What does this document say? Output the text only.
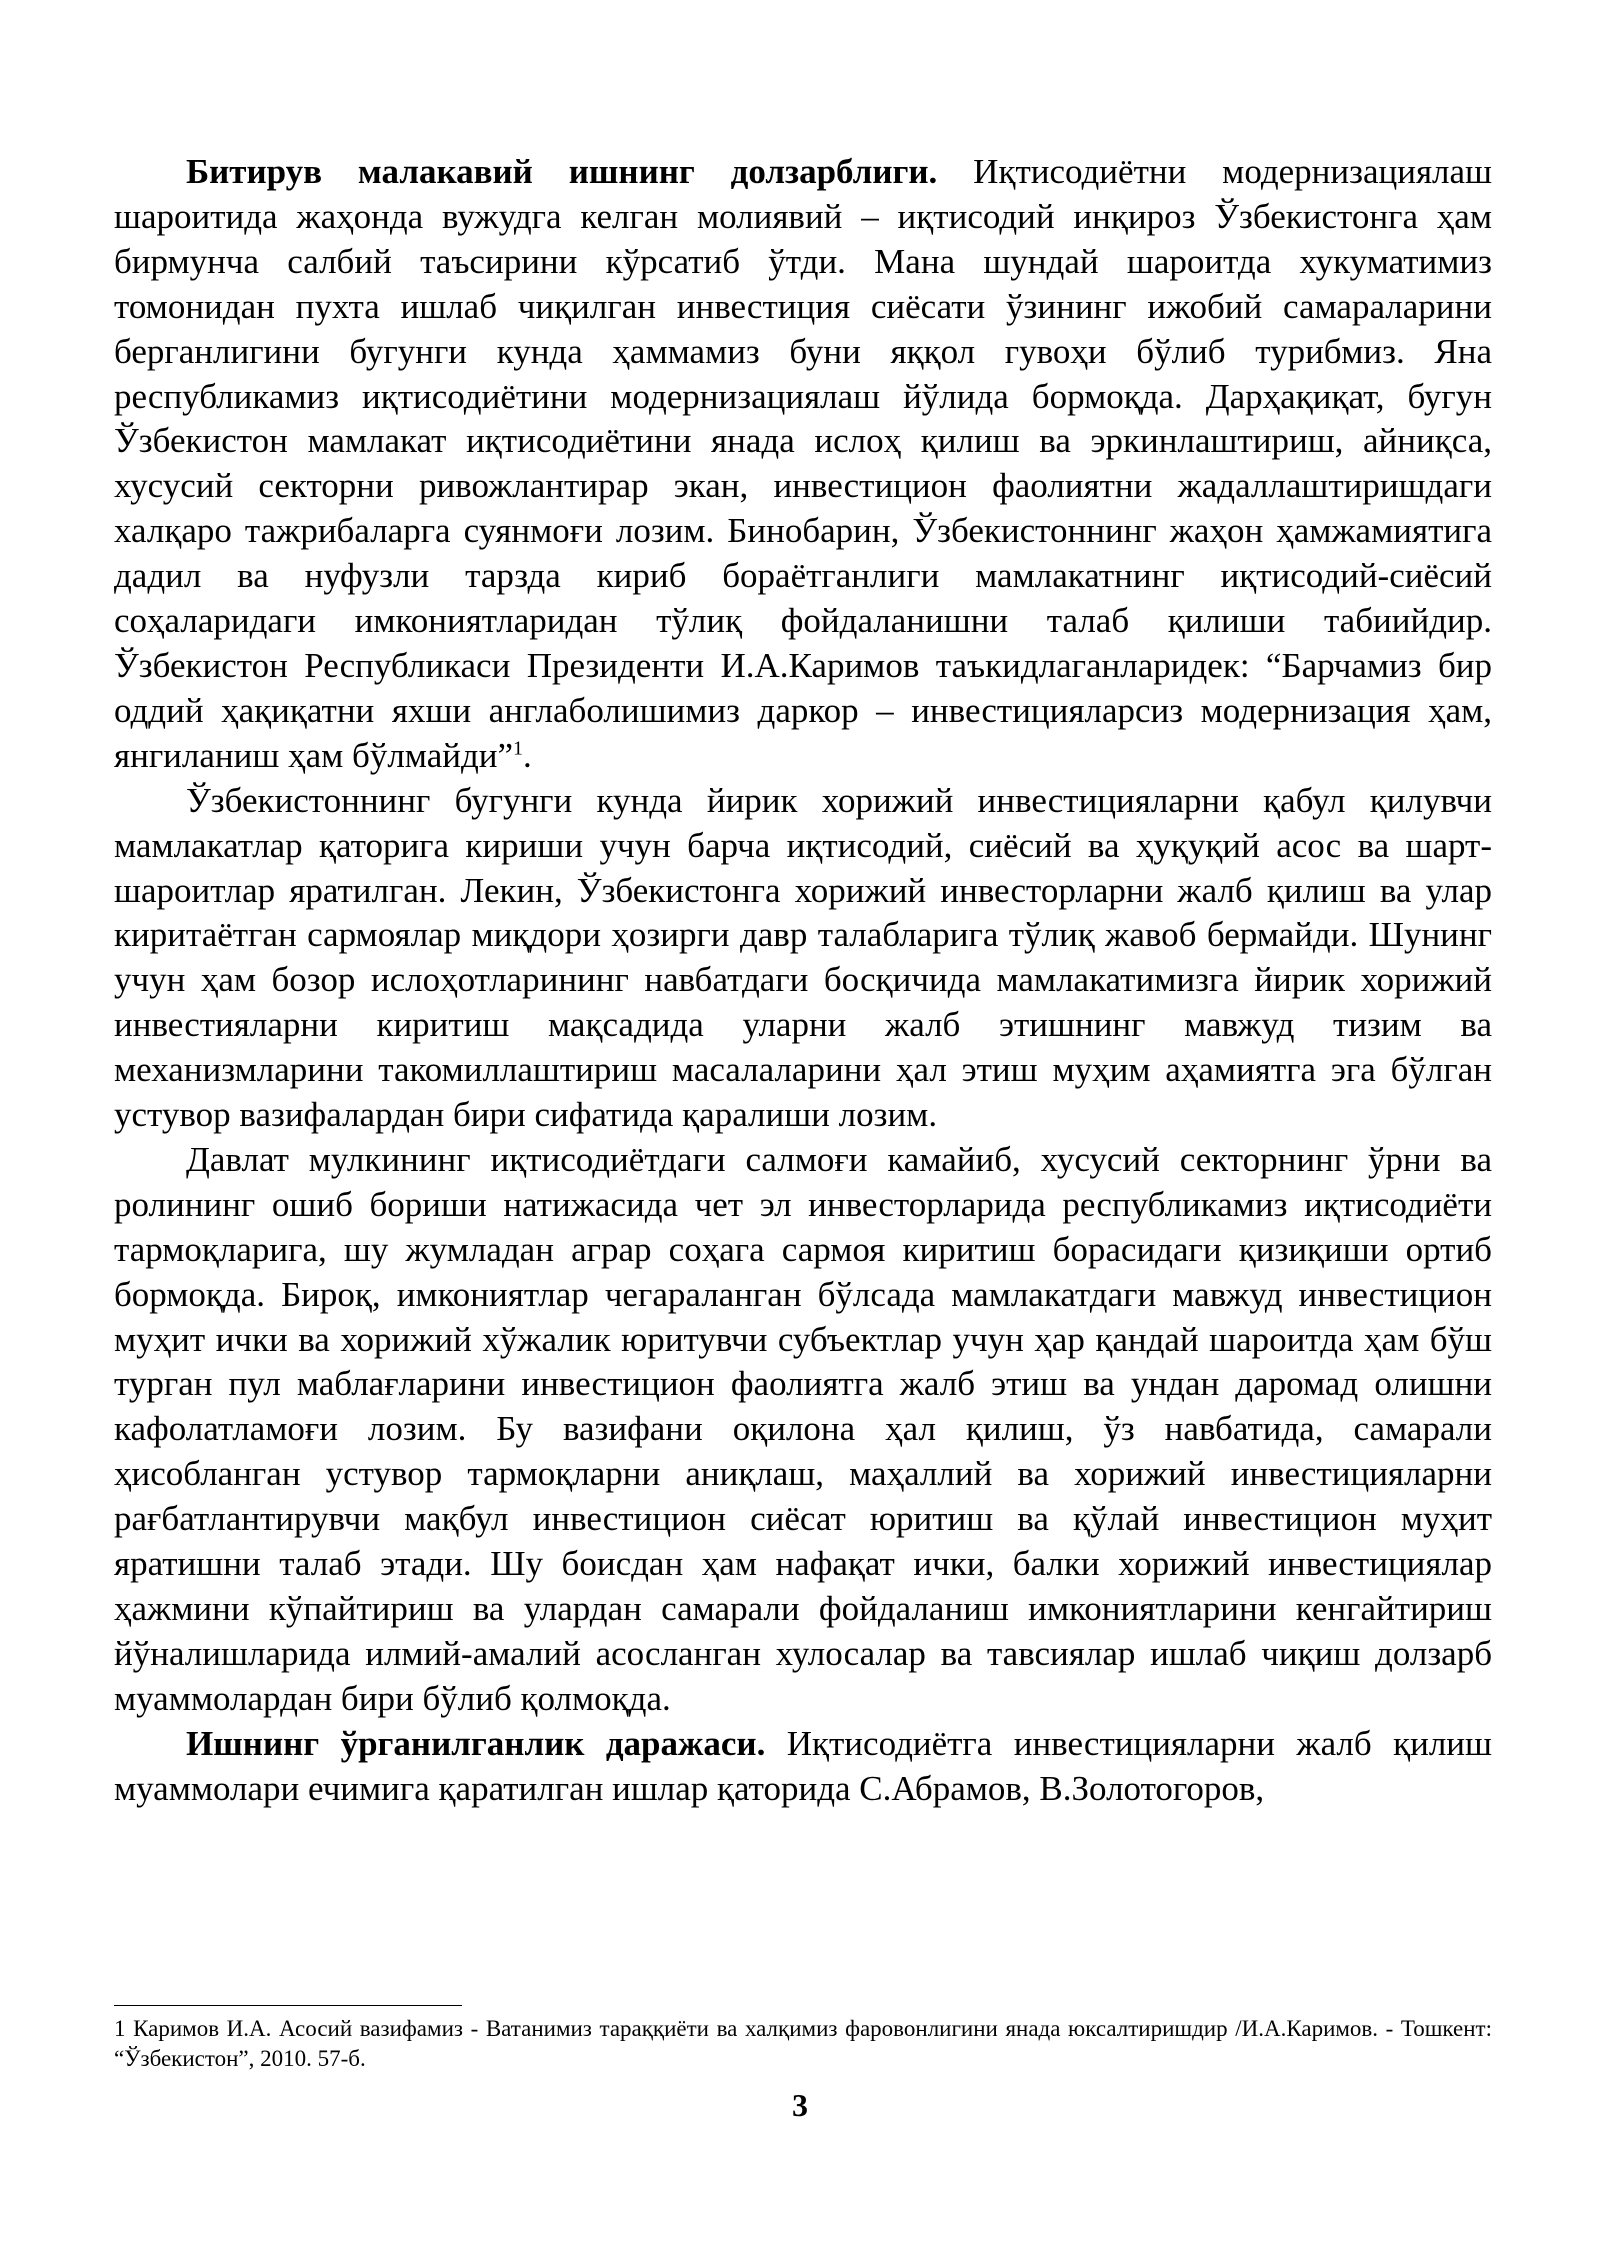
Битирув малакавий ишнинг долзарблиги. Иқтисодиётни модернизациялаш шароитида жаҳонда вужудга келган молиявий – иқтисодий инқироз Ўзбекистонга ҳам бирмунча салбий таъсирини кўрсатиб ўтди. Мана шундай шароитда хукуматимиз томонидан пухта ишлаб чиқилган инвестиция сиёсати ўзининг ижобий самараларини берганлигини бугунги кунда ҳаммамиз буни яққол гувоҳи бўлиб турибмиз. Яна республикамиз иқтисодиётини модернизациялаш йўлида бормоқда. Дарҳақиқат, бугун Ўзбекистон мамлакат иқтисодиётини янада ислоҳ қилиш ва эркинлаштириш, айниқса, хусусий секторни ривожлантирар экан, инвестицион фаолиятни жадаллаштиришдаги халқаро тажрибаларга суянмоғи лозим. Бинобарин, Ўзбекистоннинг жаҳон ҳамжамиятига дадил ва нуфузли тарзда кириб бораётганлиги мамлакатнинг иқтисодий-сиёсий соҳаларидаги имкониятларидан тўлиқ фойдаланишни талаб қилиши табиийдир. Ўзбекистон Республикаси Президенти И.А.Каримов таъкидлаганларидек: “Барчамиз бир оддий ҳақиқатни яхши англаболишимиз даркор – инвестицияларсиз модернизация ҳам, янгиланиш ҳам бўлмайди”$^1$.

Ўзбекистоннинг бугунги кунда йирик хорижий инвестицияларни қабул қилувчи мамлакатлар қаторига кириши учун барча иқтисодий, сиёсий ва ҳуқуқий асос ва шарт-шароитлар яратилган. Лекин, Ўзбекистонга хорижий инвесторларни жалб қилиш ва улар киритаётган сармоялар миқдори ҳозирги давр талабларига тўлиқ жавоб бермайди. Шунинг учун ҳам бозор ислоҳотларининг навбатдаги босқичида мамлакатимизга йирик хорижий инвестияларни киритиш мақсадида уларни жалб этишнинг мавжуд тизим ва механизмларини такомиллаштириш масалаларини ҳал этиш муҳим аҳамиятга эга бўлган устувор вазифалардан бири сифатида қаралиши лозим.

Давлат мулкининг иқтисодиётдаги салмоғи камайиб, хусусий секторнинг ўрни ва ролининг ошиб бориши натижасида чет эл инвесторларида республикамиз иқтисодиёти тармоқларига, шу жумладан аграр соҳага сармоя киритиш борасидаги қизиқиши ортиб бормоқда. Бироқ, имкониятлар чегараланган бўлсада мамлакатдаги мавжуд инвестицион муҳит ички ва хорижий хўжалик юритувчи субъектлар учун ҳар қандай шароитда ҳам бўш турган пул маблағларини инвестицион фаолиятга жалб этиш ва ундан даромад олишни кафолатламоғи лозим. Бу вазифани оқилона ҳал қилиш, ўз навбатида, самарали ҳисобланган устувор тармоқларни аниқлаш, маҳаллий ва хорижий инвестицияларни рағбатлантирувчи мақбул инвестицион сиёсат юритиш ва қўлай инвестицион муҳит яратишни талаб этади. Шу боисдан ҳам нафақат ички, балки хорижий инвестициялар ҳажмини кўпайтириш ва улардан самарали фойдаланиш имкониятларини кенгайтириш йўналишларида илмий-амалий асосланган хулосалар ва тавсиялар ишлаб чиқиш долзарб муаммолардан бири бўлиб қолмоқда.

Ишнинг ўрганилганлик даражаси. Иқтисодиётга инвестицияларни жалб қилиш муаммолари ечимига қаратилган ишлар қаторида С.Абрамов, В.Золотогоров,

1 Каримов И.А. Асосий вазифамиз - Ватанимиз тараққиёти ва халқимиз фаровонлигини янада юксалтиришдир /И.А.Каримов. - Тошкент: “Ўзбекистон”, 2010. 57-б.

3
